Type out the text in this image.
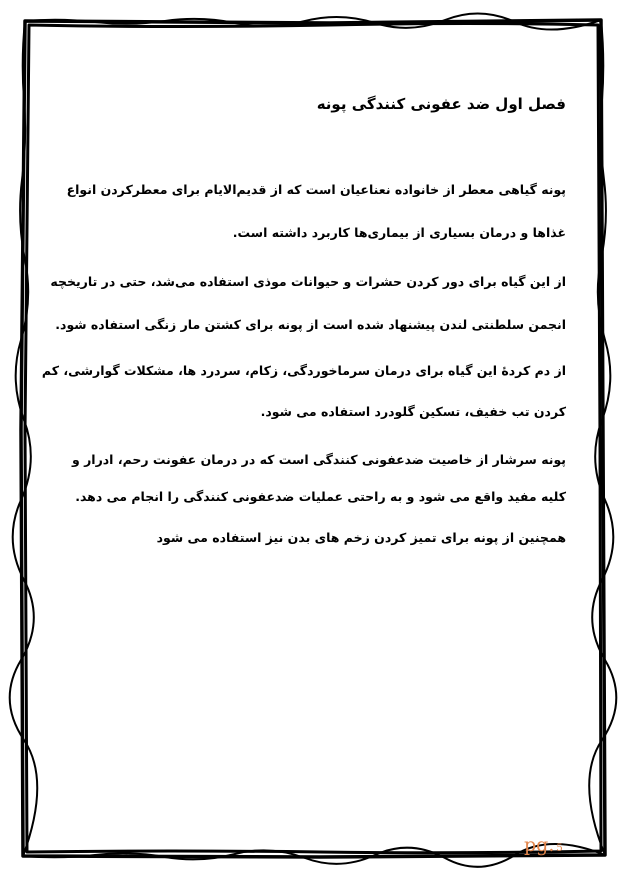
فصل اول ضد عفونی کنندگی پونه
پونه گیاهی معطر از خانواده نعناعیان است که از قدیم‌الایام برای معطرکردن انواع
غذاها و درمان بسیاری از بیماری‌ها کاربرد داشته است.
از این گیاه برای دور کردن حشرات و حیوانات موذی استفاده می‌شد، حتی در تاریخچه
انجمن سلطنتی لندن پیشنهاد شده است از پونه برای کشتن مار زنگی استفاده شود.
از دم کردهٔ این گیاه برای درمان سرماخوردگی، زکام، سردرد ها، مشکلات گوارشی، کم
کردن تب خفیف، تسکین گلودرد استفاده می شود.
پونه سرشار از خاصیت ضدعفونی کنندگی است که در درمان عفونت رحم، ادرار و
کلیه مفید واقع می شود و به راحتی عملیات ضدعفونی کنندگی را انجام می دهد.
همچنین از پونه برای تمیز کردن زخم های بدن نیز استفاده می شود
pg. 5
